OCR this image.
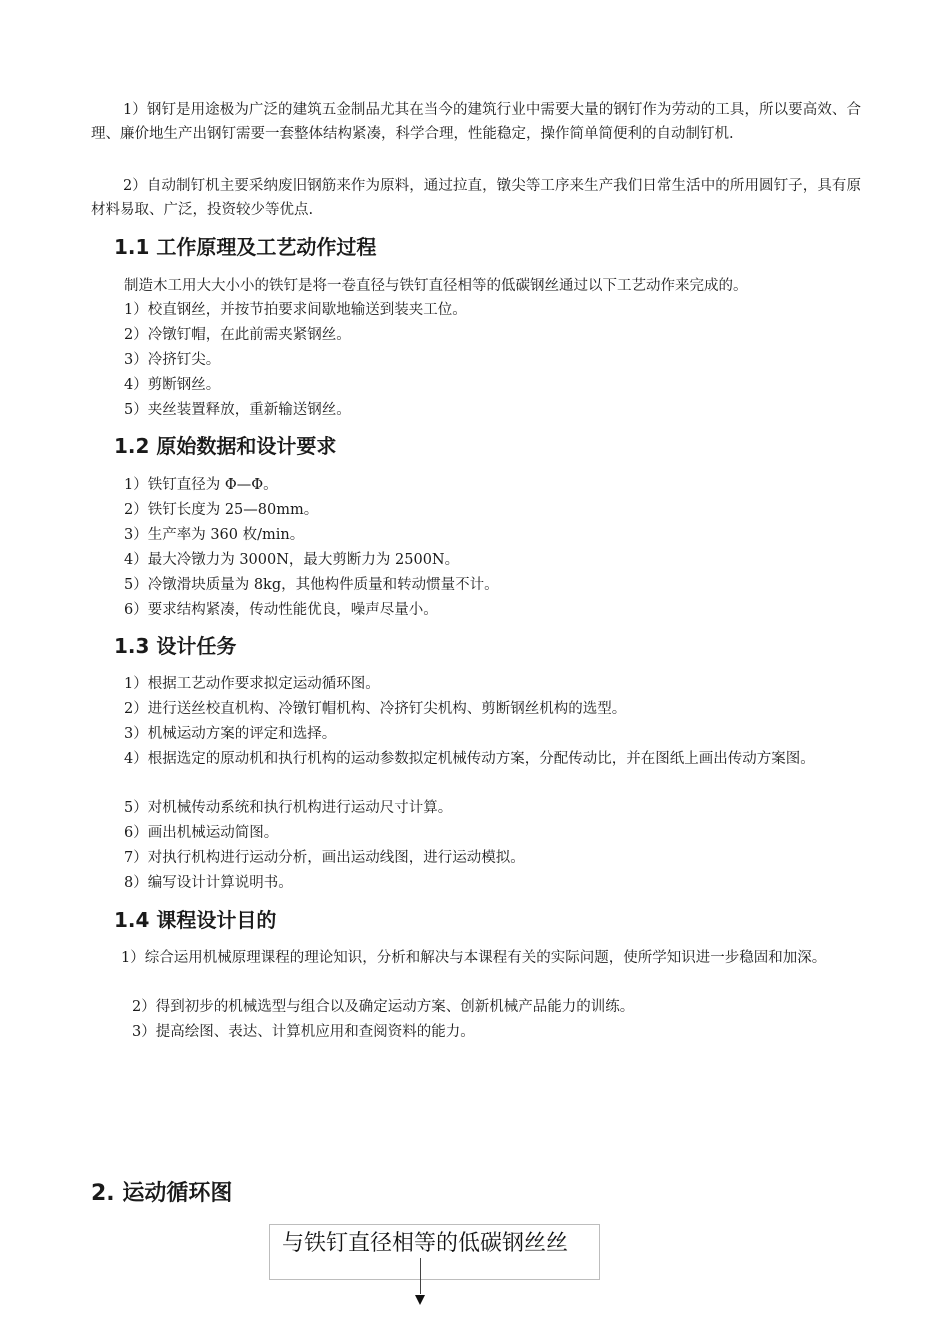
1）钢钉是用途极为广泛的建筑五金制品尤其在当今的建筑行业中需要大量的钢钉作为劳动的工具，所以要高效、合理、廉价地生产出钢钉需要一套整体结构紧凑，科学合理，性能稳定，操作简单简便利的自动制钉机.

2）自动制钉机主要采纳废旧钢筋来作为原料，通过拉直，镦尖等工序来生产我们日常生活中的所用圆钉子，具有原材料易取、广泛，投资较少等优点.

1.1 工作原理及工艺动作过程

制造木工用大大小小的铁钉是将一卷直径与铁钉直径相等的低碳钢丝通过以下工艺动作来完成的。

1）校直钢丝，并按节拍要求间歇地输送到装夹工位。

2）冷镦钉帽，在此前需夹紧钢丝。

3）冷挤钉尖。

4）剪断钢丝。

5）夹丝装置释放，重新输送钢丝。

1.2 原始数据和设计要求

1）铁钉直径为 Φ—Φ。

2）铁钉长度为 25—80mm。

3）生产率为 360 枚/min。

4）最大冷镦力为 3000N，最大剪断力为 2500N。

5）冷镦滑块质量为 8kg，其他构件质量和转动惯量不计。

6）要求结构紧凑，传动性能优良，噪声尽量小。

1.3 设计任务

1）根据工艺动作要求拟定运动循环图。

2）进行送丝校直机构、冷镦钉帽机构、冷挤钉尖机构、剪断钢丝机构的选型。

3）机械运动方案的评定和选择。

4）根据选定的原动机和执行机构的运动参数拟定机械传动方案，分配传动比，并在图纸上画出传动方案图。

5）对机械传动系统和执行机构进行运动尺寸计算。

6）画出机械运动简图。

7）对执行机构进行运动分析，画出运动线图，进行运动模拟。

8）编写设计计算说明书。

1.4 课程设计目的

1）综合运用机械原理课程的理论知识，分析和解决与本课程有关的实际问题，使所学知识进一步稳固和加深。

2）得到初步的机械选型与组合以及确定运动方案、创新机械产品能力的训练。

3）提高绘图、表达、计算机应用和查阅资料的能力。

2. 运动循环图
与铁钉直径相等的低碳钢丝丝
